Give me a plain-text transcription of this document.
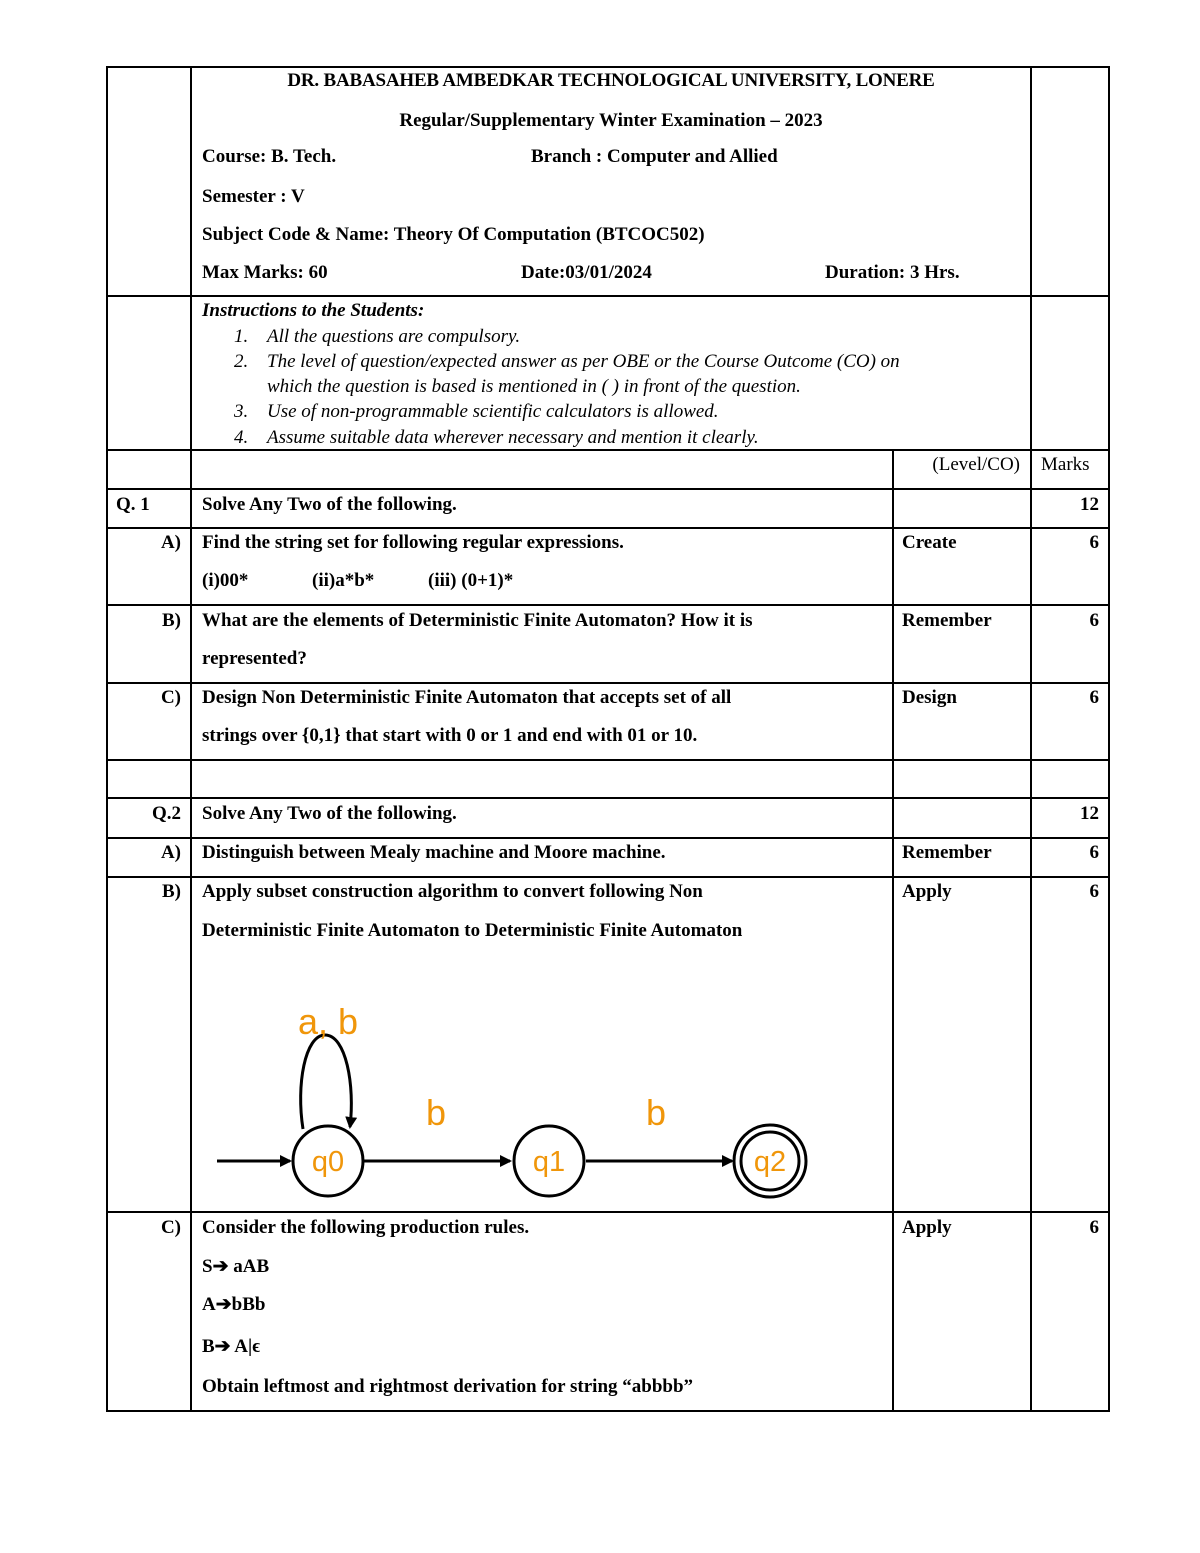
DR. BABASAHEB AMBEDKAR TECHNOLOGICAL UNIVERSITY, LONERE
Regular/Supplementary Winter Examination – 2023
Course: B. Tech.	Branch : Computer and Allied
Semester : V
Subject Code & Name: Theory Of Computation (BTCOC502)
Max Marks: 60	Date:03/01/2024	Duration: 3 Hrs.
Instructions to the Students:
1. All the questions are compulsory.
2. The level of question/expected answer as per OBE or the Course Outcome (CO) on
which the question is based is mentioned in ( ) in front of the question.
3. Use of non-programmable scientific calculators is allowed.
4. Assume suitable data wherever necessary and mention it clearly.
(Level/CO) Marks
Q. 1	Solve Any Two of the following.	12
A) Find the string set for following regular expressions.
(i)00*	(ii)a*b*	(iii) (0+1)*
Create	6
B) What are the elements of Deterministic Finite Automaton? How it is
represented?
Remember	6
C) Design Non Deterministic Finite Automaton that accepts set of all
strings over {0,1} that start with 0 or 1 and end with 01 or 10.
Design	6
Q.2 Solve Any Two of the following.	12
A) Distinguish between Mealy machine and Moore machine.	Remember	6
B) Apply subset construction algorithm to convert following Non
Deterministic Finite Automaton to Deterministic Finite Automaton
Apply	6
q0	q1	q2
a, b
b	b
C) Consider the following production rules.
S➔ aAB
A➔bBb
B➔ A|ϵ
Obtain leftmost and rightmost derivation for string “abbbb”
Apply	6
